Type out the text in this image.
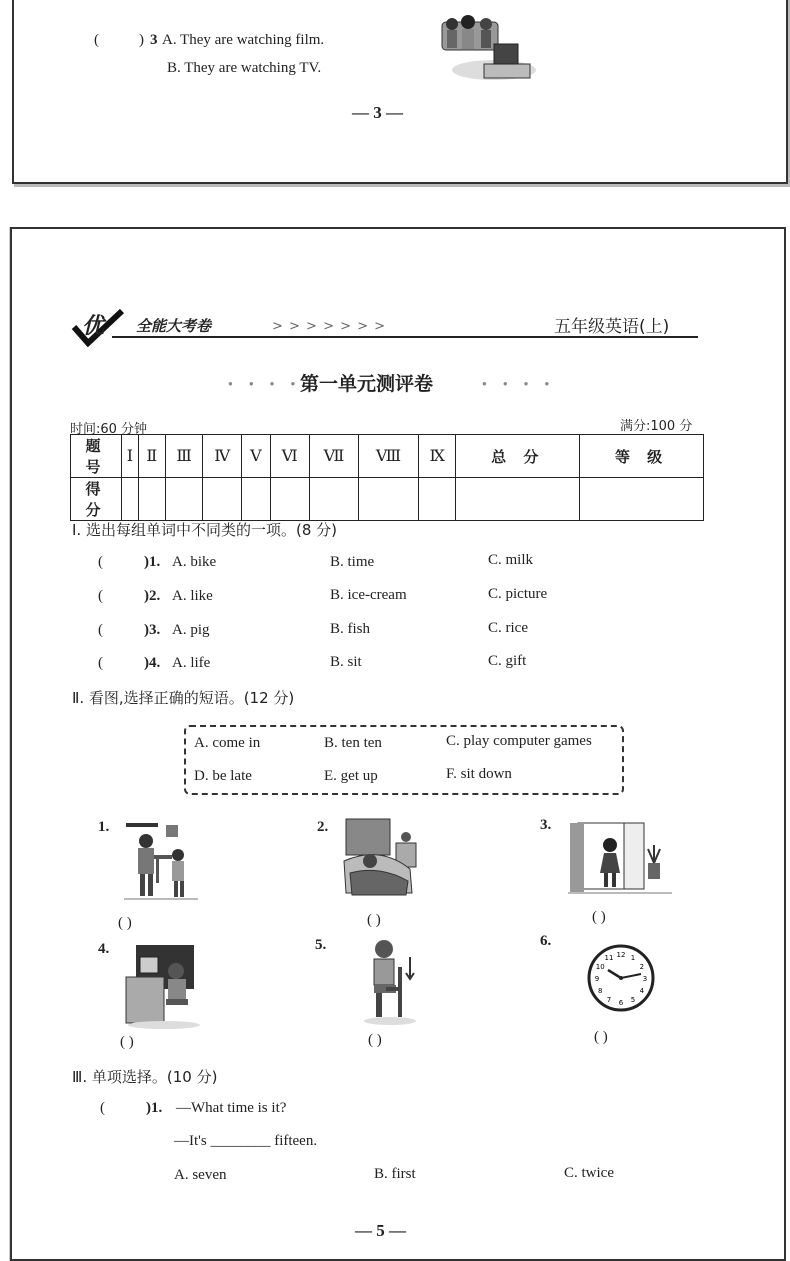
(	) 3 A. They are watching film.
B. They are watching TV.
— 3 —
优 全能大考卷	> > > > > > >	五年级英语(上)
● ● ● ●
第一单元测评卷	● ● ● ●
时间:60 分钟	满分:100 分
题 号	Ⅰ	Ⅱ	Ⅲ	Ⅳ	Ⅴ	Ⅵ	Ⅶ	Ⅷ	Ⅸ	总 分	等 级
得 分											
Ⅰ. 选出每组单词中不同类的一项。(8 分)
(	)1. A. bike	B. time	C. milk
(	)2. A. like	B. ice-cream	C. picture
(	)3. A. pig	B. fish	C. rice
(	)4. A. life	B. sit	C. gift
Ⅱ. 看图,选择正确的短语。(12 分)
A. come in	B. ten ten	C. play computer games
D. be late	E. get up	F. sit down
1.
( )
2.
( )
3.
( )
4.
( )
5.
( )
6.
1
2
3
4
5
6
7
8
9
10
11 12
( )
Ⅲ. 单项选择。(10 分)
(	)1. —What time is it?
—It's ________ fifteen.
A. seven	B. first	C. twice
— 5 —
